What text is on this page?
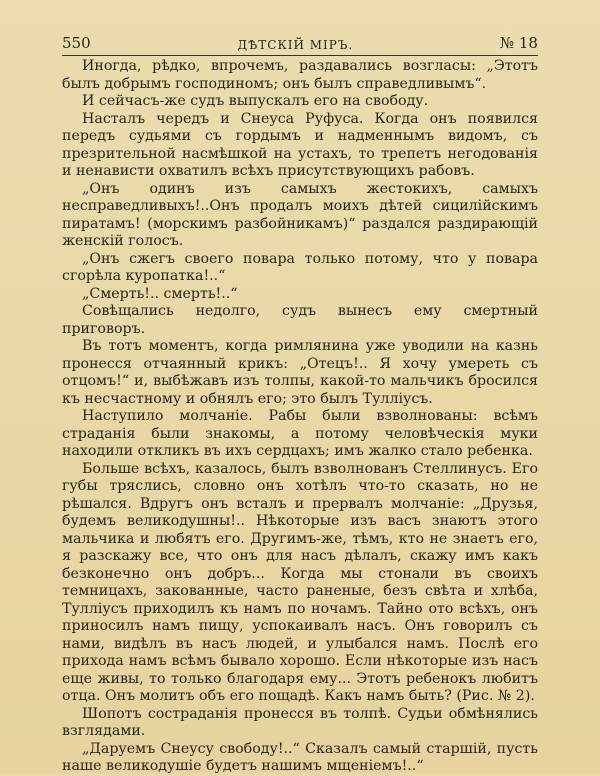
550	ДѢТСКIЙ МIРЪ.	№ 18

Иногда, рѣдко, впрочемъ, раздавались возгласы: „Этотъ былъ добрымъ господиномъ; онъ былъ справедливымъ“.

И сейчасъ-же судъ выпускалъ его на свободу.

Насталъ чередъ и Снеуса Руфуса. Когда онъ появился передъ судьями съ гордымъ и надменнымъ видомъ, съ презрительной насмѣшкой на устахъ, то трепетъ негодованiя и ненависти охватилъ всѣхъ присутствующихъ рабовъ.

„Онъ одинъ изъ самыхъ жестокихъ, самыхъ несправедливыхъ!..Онъ продалъ моихъ дѣтей сицилiйскимъ пиратамъ! (морскимъ разбойникамъ)“ раздался раздирающiй женскiй голосъ.

„Онъ сжегъ своего повара только потому, что у повара сгорѣла куропатка!..“

„Смерть!.. смерть!..“

Совѣщались недолго, судъ вынесъ ему смертный приговоръ.

Въ тотъ моментъ, когда римлянина уже уводили на казнь пронесся отчаянный крикъ: „Отецъ!.. Я хочу умереть съ отцомъ!“ и, выбѣжавъ изъ толпы, какой-то мальчикъ бросился къ несчастному и обнялъ его; это былъ Туллiусъ.

Наступило молчанiе. Рабы были взволнованы: всѣмъ страданiя были знакомы, а потому человѣческiя муки находили откликъ въ ихъ сердцахъ; имъ жалко стало ребенка.

Больше всѣхъ, казалось, былъ взволнованъ Стеллинусъ. Его губы тряслись, словно онъ хотѣлъ что-то сказать, но не рѣшался. Вдругъ онъ всталъ и прервалъ молчанiе: „Друзья, будемъ великодушны!.. Нѣкоторые изъ васъ знаютъ этого мальчика и любятъ его. Другимъ-же, тѣмъ, кто не знаетъ его, я разскажу все, что онъ для насъ дѣлалъ, скажу имъ какъ безконечно онъ добръ... Когда мы стонали въ своихъ темницахъ, закованные, часто раненые, безъ свѣта и хлѣба, Туллiусъ приходилъ къ намъ по ночамъ. Тайно ото всѣхъ, онъ приносилъ намъ пищу, успокаивалъ насъ. Онъ говорилъ съ нами, видѣлъ въ насъ людей, и улыбался намъ. Послѣ его прихода намъ всѣмъ бывало хорошо. Если нѣкоторые изъ насъ еще живы, то только благодаря ему... Этотъ ребенокъ любитъ отца. Онъ молитъ объ его пощадѣ. Какъ намъ быть? (Рис. № 2).

Шопотъ состраданiя пронесся въ толпѣ. Судьи обмѣнялись взглядами.

„Даруемъ Снеусу свободу!..“ Сказалъ самый старшiй, пусть наше великодушiе будетъ нашимъ мщенiемъ!..“
